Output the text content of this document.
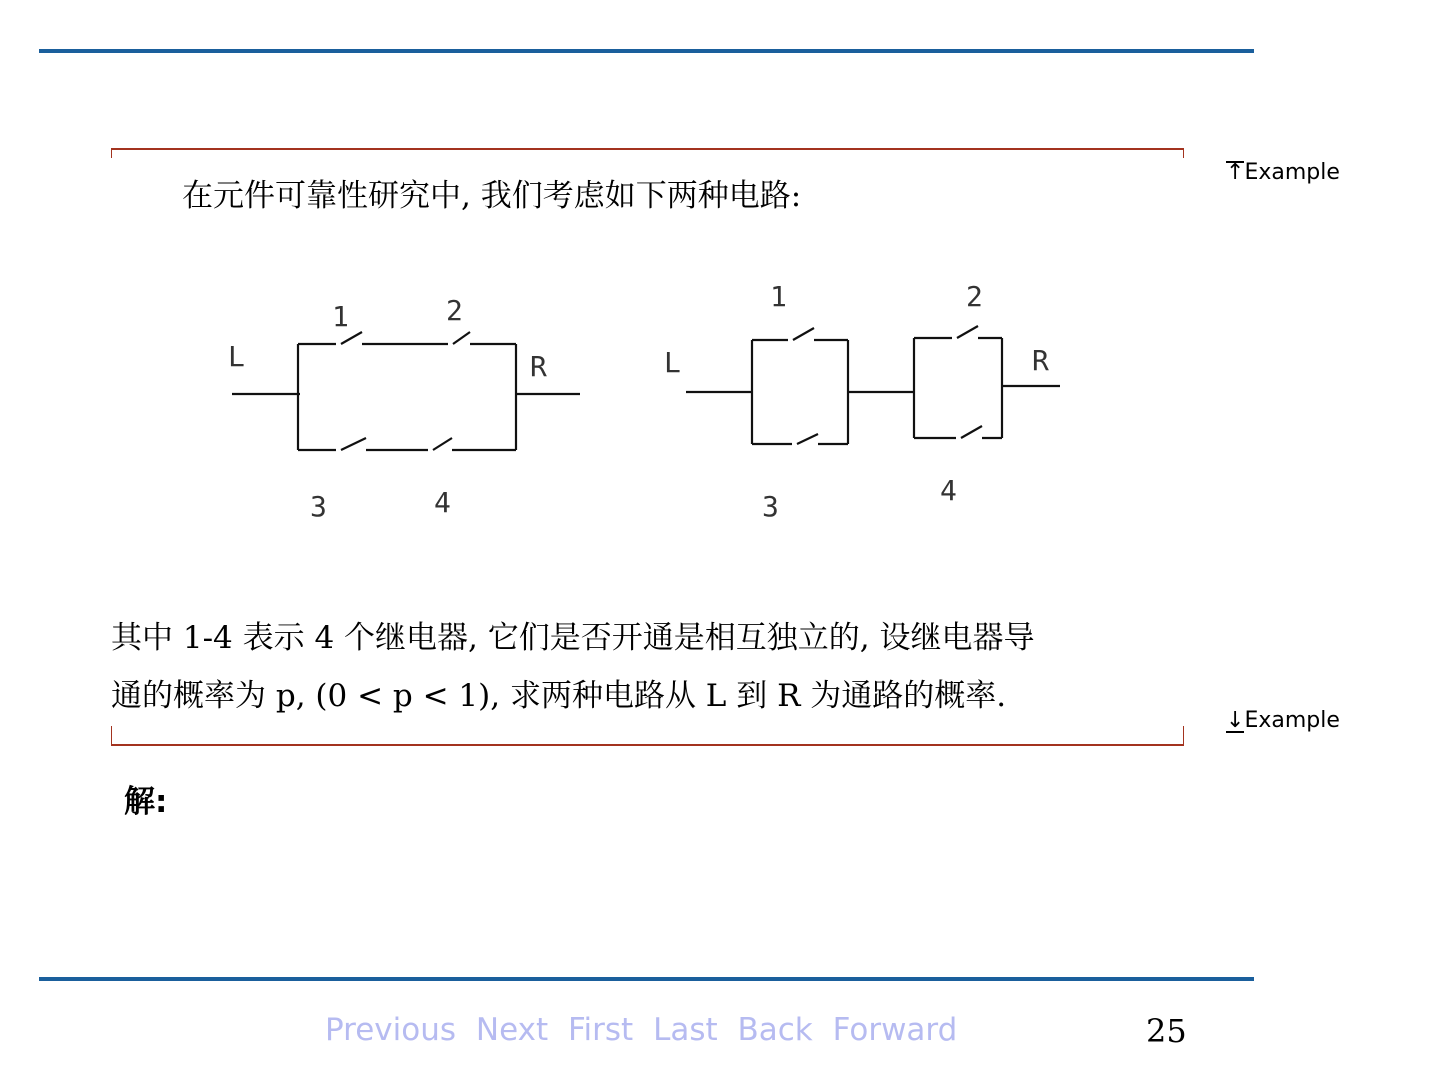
↑Example
在元件可靠性研究中, 我们考虑如下两种电路:
L	R
1	2
3	4
L	R
1	2
3	4
其中 1-4 表示 4 个继电器, 它们是否开通是相互独立的, 设继电器导
通的概率为 p, (0 < p < 1), 求两种电路从 L 到 R 为通路的概率.
↓Example
解:
Previous Next First Last Back Forward	25
